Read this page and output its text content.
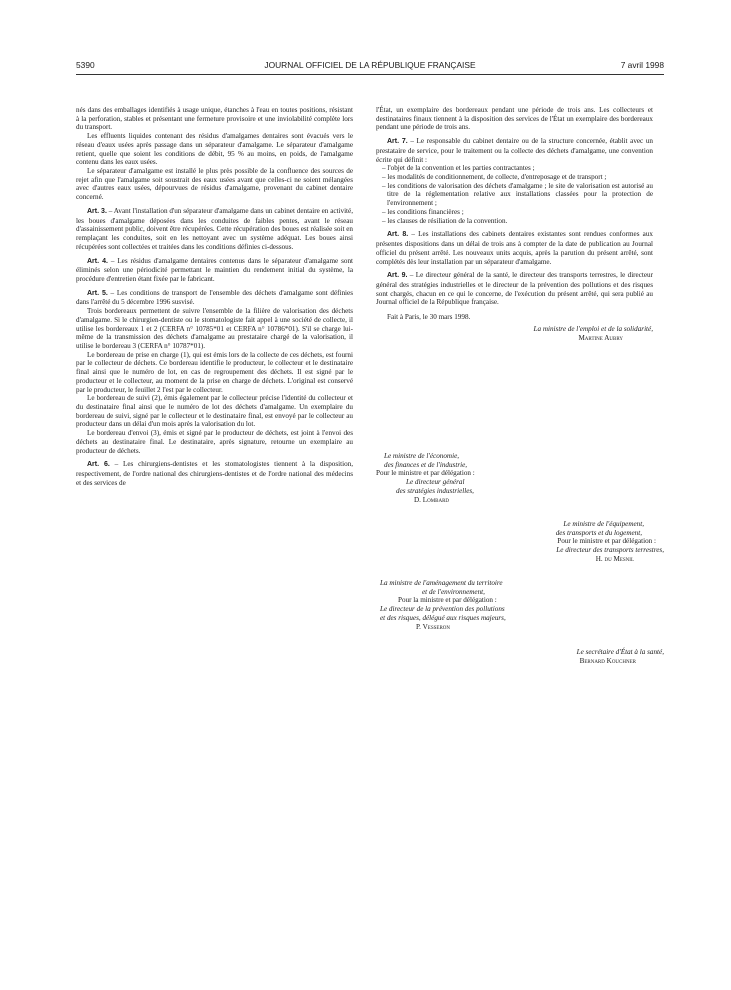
5390	JOURNAL OFFICIEL DE LA RÉPUBLIQUE FRANÇAISE	7 avril 1998

nés dans des emballages identifiés à usage unique, étanches à l'eau en toutes positions, résistant à la perforation, stables et présentant une fermeture provisoire et une inviolabilité complète lors du transport.

Les effluents liquides contenant des résidus d'amalgames dentaires sont évacués vers le réseau d'eaux usées après passage dans un séparateur d'amalgame. Le séparateur d'amalgame retient, quelle que soient les conditions de débit, 95 % au moins, en poids, de l'amalgame contenu dans les eaux usées.

Le séparateur d'amalgame est installé le plus près possible de la confluence des sources de rejet afin que l'amalgame soit soustrait des eaux usées avant que celles-ci ne soient mélangées avec d'autres eaux usées, dépourvues de résidus d'amalgame, provenant du cabinet dentaire concerné.

Art. 3. – Avant l'installation d'un séparateur d'amalgame dans un cabinet dentaire en activité, les boues d'amalgame déposées dans les conduites de faibles pentes, avant le réseau d'assainissement public, doivent être récupérées. Cette récupération des boues est réalisée soit en remplaçant les conduites, soit en les nettoyant avec un système adéquat. Les boues ainsi récupérées sont collectées et traitées dans les conditions définies ci-dessous.

Art. 4. – Les résidus d'amalgame dentaires contenus dans le séparateur d'amalgame sont éliminés selon une périodicité permettant le maintien du rendement initial du système, la procédure d'entretien étant fixée par le fabricant.

Art. 5. – Les conditions de transport de l'ensemble des déchets d'amalgame sont définies dans l'arrêté du 5 décembre 1996 susvisé.

Trois bordereaux permettent de suivre l'ensemble de la filière de valorisation des déchets d'amalgame. Si le chirurgien-dentiste ou le stomatologiste fait appel à une société de collecte, il utilise les bordereaux 1 et 2 (CERFA n° 10785*01 et CERFA n° 10786*01). S'il se charge lui-même de la transmission des déchets d'amalgame au prestataire chargé de la valorisation, il utilise le bordereau 3 (CERFA n° 10787*01).

Le bordereau de prise en charge (1), qui est émis lors de la collecte de ces déchets, est fourni par le collecteur de déchets. Ce bordereau identifie le producteur, le collecteur et le destinataire final ainsi que le numéro de lot, en cas de regroupement des déchets. Il est signé par le producteur et le collecteur, au moment de la prise en charge de déchets. L'original est conservé par le producteur, le feuillet 2 l'est par le collecteur.

Le bordereau de suivi (2), émis également par le collecteur précise l'identité du collecteur et du destinataire final ainsi que le numéro de lot des déchets d'amalgame. Un exemplaire du bordereau de suivi, signé par le collecteur et le destinataire final, est envoyé par le collecteur au producteur dans un délai d'un mois après la valorisation du lot.

Le bordereau d'envoi (3), émis et signé par le producteur de déchets, est joint à l'envoi des déchets au destinataire final. Le destinataire, après signature, retourne un exemplaire au producteur de déchets.

Art. 6. – Les chirurgiens-dentistes et les stomatologistes tiennent à la disposition, respectivement, de l'ordre national des chirurgiens-dentistes et de l'ordre national des médecins et des services de

l'État, un exemplaire des bordereaux pendant une période de trois ans. Les collecteurs et destinataires finaux tiennent à la disposition des services de l'État un exemplaire des bordereaux pendant une période de trois ans.

Art. 7. – Le responsable du cabinet dentaire ou de la structure concernée, établit avec un prestataire de service, pour le traitement ou la collecte des déchets d'amalgame, une convention écrite qui définit :

– l'objet de la convention et les parties contractantes ;
– les modalités de conditionnement, de collecte, d'entreposage et de transport ;
– les conditions de valorisation des déchets d'amalgame ; le site de valorisation est autorisé au titre de la réglementation relative aux installations classées pour la protection de l'environnement ;
– les conditions financières ;
– les clauses de résiliation de la convention.

Art. 8. – Les installations des cabinets dentaires existantes sont rendues conformes aux présentes dispositions dans un délai de trois ans à compter de la date de publication au Journal officiel du présent arrêté. Les nouveaux units acquis, après la parution du présent arrêté, sont complétés dès leur installation par un séparateur d'amalgame.

Art. 9. – Le directeur général de la santé, le directeur des transports terrestres, le directeur général des stratégies industrielles et le directeur de la prévention des pollutions et des risques sont chargés, chacun en ce qui le concerne, de l'exécution du présent arrêté, qui sera publié au Journal officiel de la République française.

Fait à Paris, le 30 mars 1998.

La ministre de l'emploi et de la solidarité,
Martine Aubry
Le ministre de l'économie,
des finances et de l'industrie,
Pour le ministre et par délégation :
Le directeur général
des stratégies industrielles,
D. Lombard
Le ministre de l'équipement,
des transports et du logement,
Pour le ministre et par délégation :
Le directeur des transports terrestres,
H. du Mesnil
La ministre de l'aménagement du territoire
et de l'environnement,
Pour la ministre et par délégation :
Le directeur de la prévention des pollutions
et des risques, délégué aux risques majeurs,
P. Vesseron
Le secrétaire d'État à la santé,
Bernard Kouchner
